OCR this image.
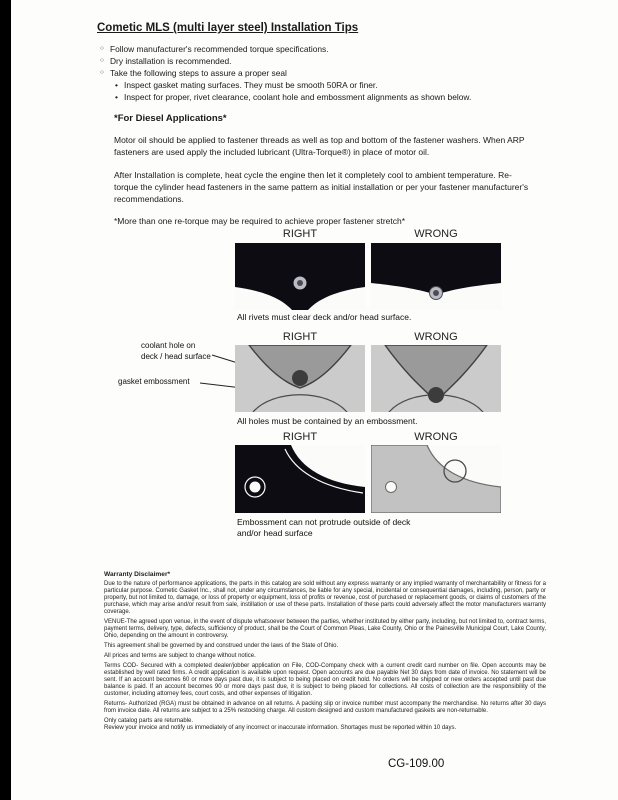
Cometic MLS (multi layer steel) Installation Tips
○ Follow manufacturer's recommended torque specifications.
○ Dry installation is recommended.
○ Take the following steps to assure a proper seal
• Inspect gasket mating surfaces. They must be smooth 50RA or finer.
• Inspect for proper, rivet clearance, coolant hole and embossment alignments as shown below.
*For Diesel Applications*

Motor oil should be applied to fastener threads as well as top and bottom of the fastener washers. When ARP fasteners are used apply the included lubricant (Ultra-Torque®) in place of motor oil.

After Installation is complete, heat cycle the engine then let it completely cool to ambient temperature. Re-torque the cylinder head fasteners in the same pattern as initial installation or per your fastener manufacturer's recommendations.

*More than one re-torque may be required to achieve proper fastener stretch*

RIGHT	WRONG
All rivets must clear deck and/or head surface.
RIGHT	WRONG
coolant hole on
deck / head surface
gasket embossment
All holes must be contained by an embossment.
RIGHT	WRONG
Embossment can not protrude outside of deck
and/or head surface
Warranty Disclaimer*

Due to the nature of performance applications, the parts in this catalog are sold without any express warranty or any implied warranty of merchantability or fitness for a particular purpose. Cometic Gasket Inc., shall not, under any circumstances, be liable for any special, incidental or consequential damages, including, person, party or property, but not limited to, damage, or loss of property or equipment, loss of profits or revenue, cost of purchased or replacement goods, or claims of customers of the purchase, which may arise and/or result from sale, instillation or use of these parts. Installation of these parts could adversely affect the motor manufacturers warranty coverage.

VENUE-The agreed upon venue, in the event of dispute whatsoever between the parties, whether instituted by either party, including, but not limited to, contract terms, payment terms, delivery, type, defects, sufficiency of product, shall be the Court of Common Pleas, Lake County, Ohio or the Painesville Municipal Court, Lake County, Ohio, depending on the amount in controversy.

This agreement shall be governed by and construed under the laws of the State of Ohio.

All prices and terms are subject to change without notice.

Terms COD- Secured with a completed dealer/jobber application on File, COD-Company check with a current credit card number on file. Open accounts may be established by well rated firms. A credit application is available upon request. Open accounts are due payable Net 30 days from date of invoice. No statement will be sent. If an account becomes 60 or more days past due, it is subject to being placed on credit hold. No orders will be shipped or new orders accepted until past due balance is paid. If an account becomes 90 or more days past due, it is subject to being placed for collections. All costs of collection are the responsibility of the customer, including attorney fees, court costs, and other expenses of litigation.

Returns- Authorized (RGA) must be obtained in advance on all returns. A packing slip or invoice number must accompany the merchandise. No returns after 30 days from invoice date. All returns are subject to a 25% restocking charge. All custom designed and custom manufactured gaskets are non-returnable.

Only catalog parts are returnable.

Review your invoice and notify us immediately of any incorrect or inaccurate information. Shortages must be reported within 10 days.

CG-109.00
